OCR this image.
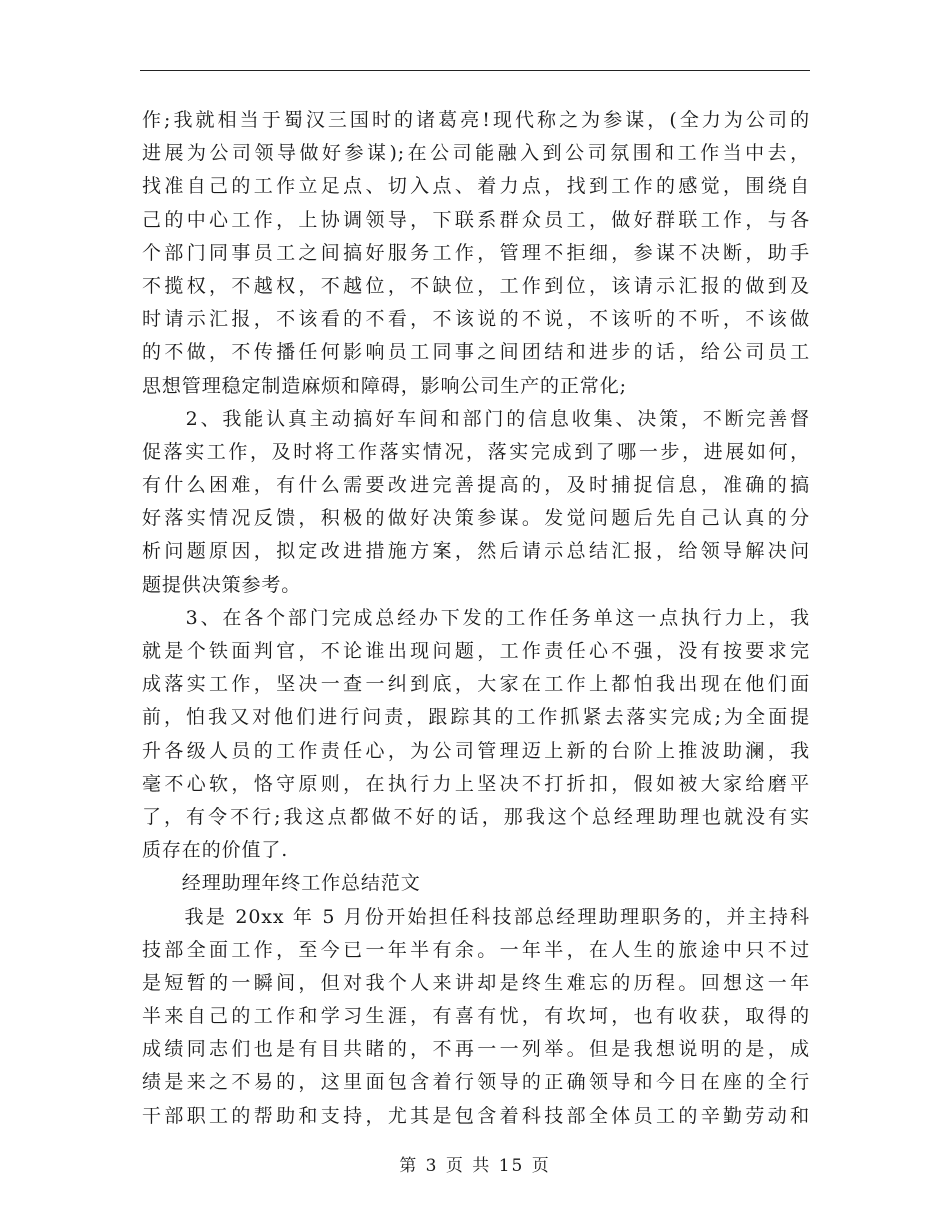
作;我就相当于蜀汉三国时的诸葛亮!现代称之为参谋，(全力为公司的
进展为公司领导做好参谋);在公司能融入到公司氛围和工作当中去，
找准自己的工作立足点、切入点、着力点，找到工作的感觉，围绕自
己的中心工作，上协调领导，下联系群众员工，做好群联工作，与各
个部门同事员工之间搞好服务工作，管理不拒细，参谋不决断，助手
不揽权，不越权，不越位，不缺位，工作到位，该请示汇报的做到及
时请示汇报，不该看的不看，不该说的不说，不该听的不听，不该做
的不做，不传播任何影响员工同事之间团结和进步的话，给公司员工
思想管理稳定制造麻烦和障碍，影响公司生产的正常化;
　　2、我能认真主动搞好车间和部门的信息收集、决策，不断完善督
促落实工作，及时将工作落实情况，落实完成到了哪一步，进展如何，
有什么困难，有什么需要改进完善提高的，及时捕捉信息，准确的搞
好落实情况反馈，积极的做好决策参谋。发觉问题后先自己认真的分
析问题原因，拟定改进措施方案，然后请示总结汇报，给领导解决问
题提供决策参考。
　　3、在各个部门完成总经办下发的工作任务单这一点执行力上，我
就是个铁面判官，不论谁出现问题，工作责任心不强，没有按要求完
成落实工作，坚决一查一纠到底，大家在工作上都怕我出现在他们面
前，怕我又对他们进行问责，跟踪其的工作抓紧去落实完成;为全面提
升各级人员的工作责任心，为公司管理迈上新的台阶上推波助澜，我
毫不心软，恪守原则，在执行力上坚决不打折扣，假如被大家给磨平
了，有令不行;我这点都做不好的话，那我这个总经理助理也就没有实
质存在的价值了.
　　经理助理年终工作总结范文
　　我是 20xx 年 5 月份开始担任科技部总经理助理职务的，并主持科
技部全面工作，至今已一年半有余。一年半，在人生的旅途中只不过
是短暂的一瞬间，但对我个人来讲却是终生难忘的历程。回想这一年
半来自己的工作和学习生涯，有喜有忧，有坎坷，也有收获，取得的
成绩同志们也是有目共睹的，不再一一列举。但是我想说明的是，成
绩是来之不易的，这里面包含着行领导的正确领导和今日在座的全行
干部职工的帮助和支持，尤其是包含着科技部全体员工的辛勤劳动和
第 3 页 共 15 页
